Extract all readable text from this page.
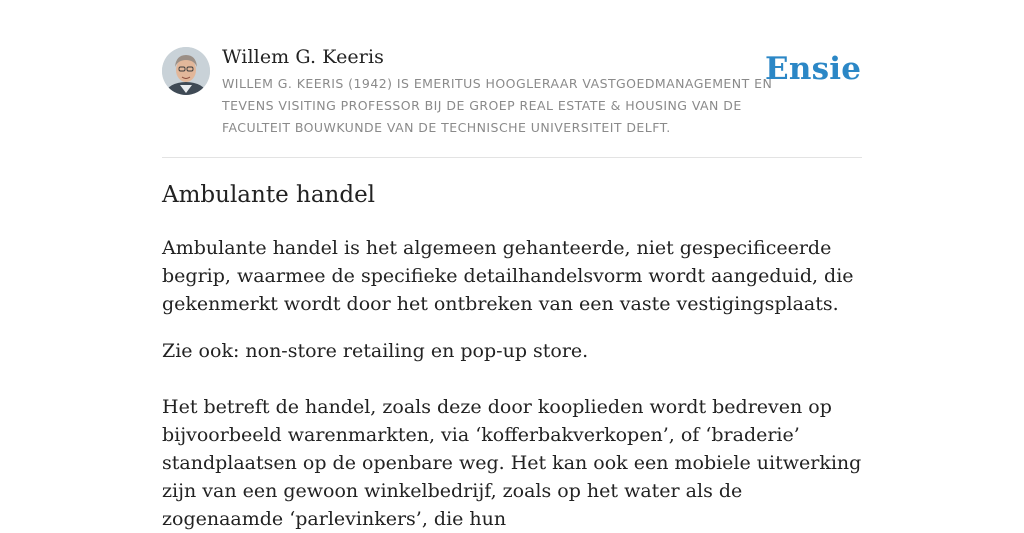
Willem G. Keeris
WILLEM G. KEERIS (1942) IS EMERITUS HOOGLERAAR VASTGOEDMANAGEMENT EN TEVENS VISITING PROFESSOR BIJ DE GROEP REAL ESTATE & HOUSING VAN DE FACULTEIT BOUWKUNDE VAN DE TECHNISCHE UNIVERSITEIT DELFT.
Ensie
Ambulante handel

Ambulante handel is het algemeen gehanteerde, niet gespecificeerde begrip, waarmee de specifieke detailhandelsvorm wordt aangeduid, die gekenmerkt wordt door het ontbreken van een vaste vestigingsplaats.

Zie ook: non-store retailing en pop-up store.

Het betreft de handel, zoals deze door kooplieden wordt bedreven op bijvoorbeeld warenmarkten, via ‘kofferbakverkopen’, of ‘braderie’ standplaatsen op de openbare weg. Het kan ook een mobiele uitwerking zijn van een gewoon winkelbedrijf, zoals op het water als de zogenaamde ‘parlevinkers’, die hun
